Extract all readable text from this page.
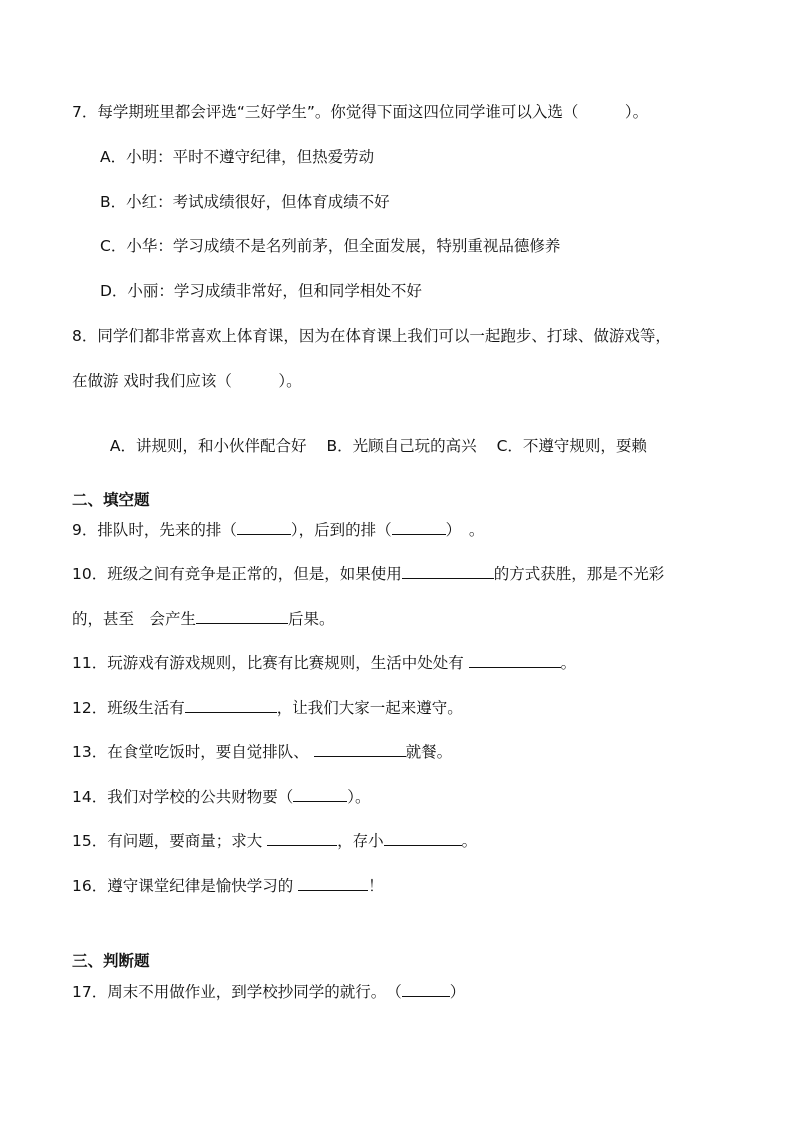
7．每学期班里都会评选“三好学生”。你觉得下面这四位同学谁可以入选（　　　）。
A．小明：平时不遵守纪律，但热爱劳动
B．小红：考试成绩很好，但体育成绩不好
C．小华：学习成绩不是名列前茅，但全面发展，特别重视品德修养
D．小丽：学习成绩非常好，但和同学相处不好
8．同学们都非常喜欢上体育课，因为在体育课上我们可以一起跑步、打球、做游戏等，
在做游 戏时我们应该（　　　）。

A．讲规则，和小伙伴配合好 B．光顾自己玩的高兴 C．不遵守规则，耍赖

二、填空题
9．排队时，先来的排（	），后到的排（	）　。
10．班级之间有竞争是正常的，但是，如果使用	的方式获胜，那是不光彩
的，甚至　会产生	后果。
11．玩游戏有游戏规则，比赛有比赛规则，生活中处处有	。
12．班级生活有	，让我们大家一起来遵守。
13．在食堂吃饭时，要自觉排队、	就餐。
14．我们对学校的公共财物要（	）。
15．有问题，要商量；求大	，存小	。
16．遵守课堂纪律是愉快学习的	！
三、判断题
17．周末不用做作业，到学校抄同学的就行。　（	）
